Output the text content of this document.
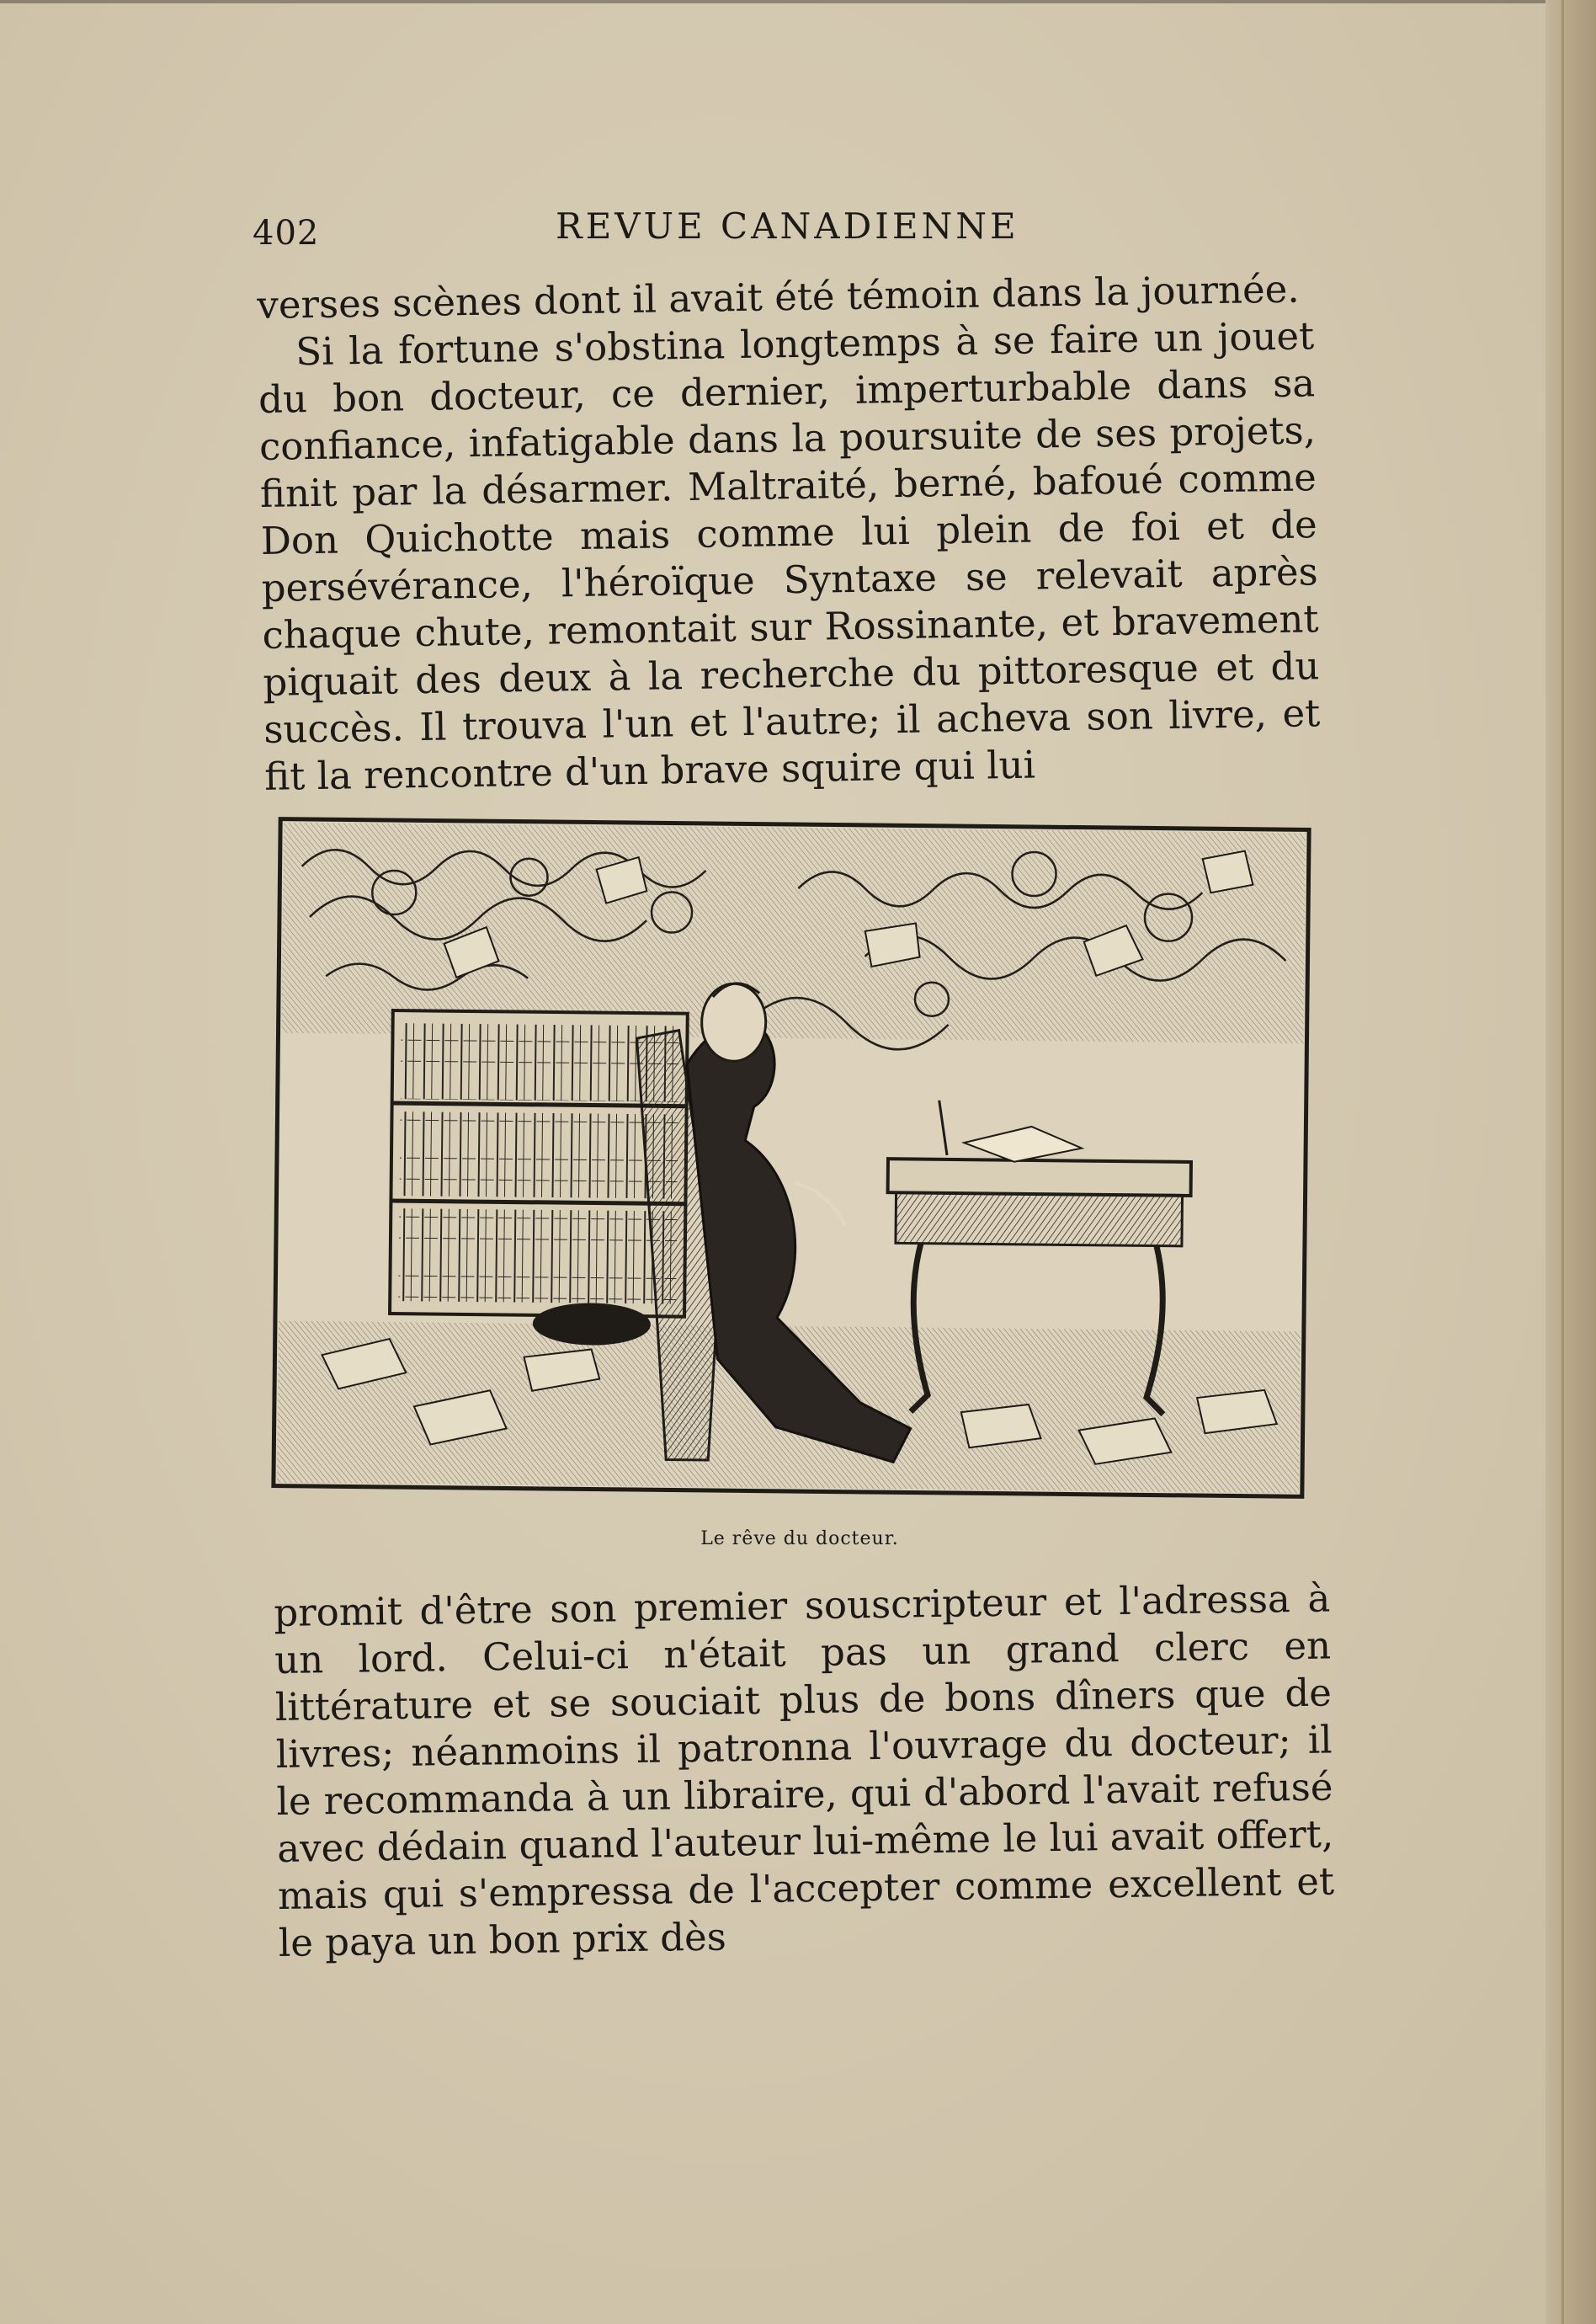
402	REVUE CANADIENNE

verses scènes dont il avait été témoin dans la journée.

Si la fortune s'obstina longtemps à se faire un jouet du bon docteur, ce dernier, imperturbable dans sa confiance, infatigable dans la poursuite de ses projets, finit par la désarmer. Maltraité, berné, bafoué comme Don Quichotte mais comme lui plein de foi et de persévérance, l'héroïque Syntaxe se relevait après chaque chute, remontait sur Rossinante, et bravement piquait des deux à la recherche du pittoresque et du succès. Il trouva l'un et l'autre; il acheva son livre, et fit la rencontre d'un brave squire qui lui

Le rêve du docteur.

promit d'être son premier souscripteur et l'adressa à un lord. Celui-ci n'était pas un grand clerc en littérature et se souciait plus de bons dîners que de livres; néanmoins il patronna l'ouvrage du docteur; il le recommanda à un libraire, qui d'abord l'avait refusé avec dédain quand l'auteur lui-même le lui avait offert, mais qui s'empressa de l'accepter comme excellent et le paya un bon prix dès
